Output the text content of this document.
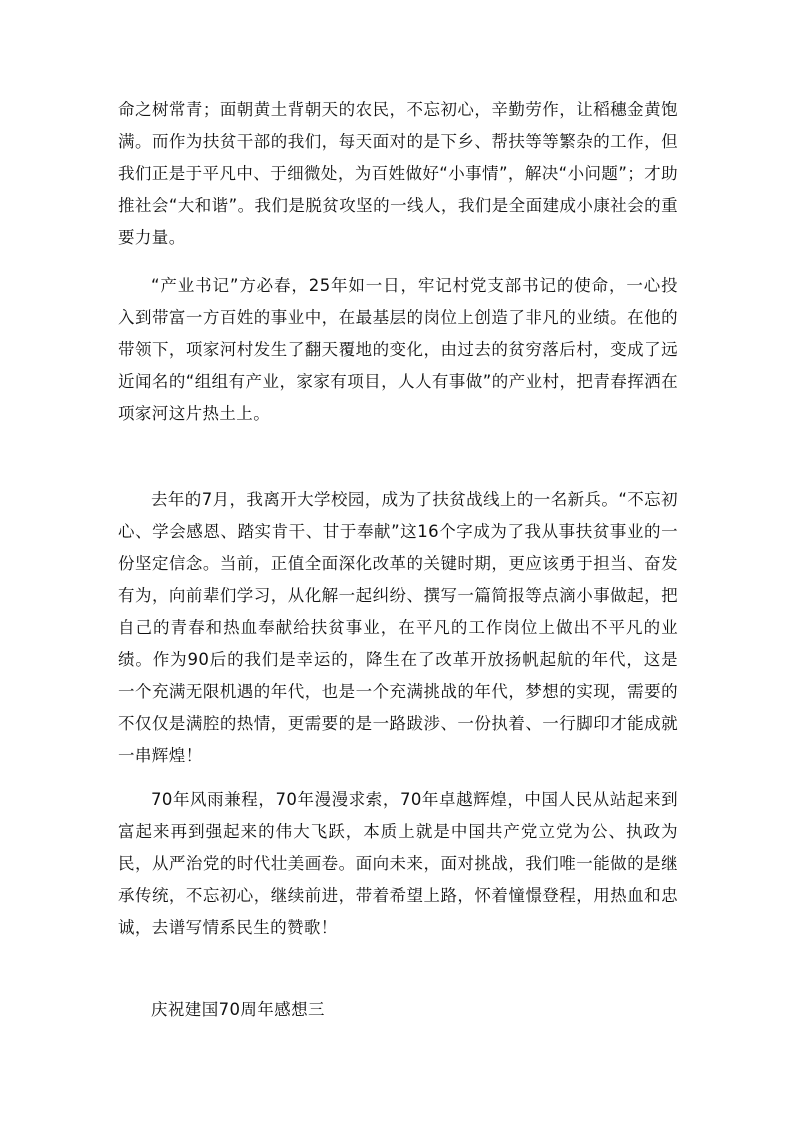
命之树常青；面朝黄土背朝天的农民，不忘初心，辛勤劳作，让稻穗金黄饱满。而作为扶贫干部的我们，每天面对的是下乡、帮扶等等繁杂的工作，但我们正是于平凡中、于细微处，为百姓做好“小事情”，解决“小问题”；才助推社会“大和谐”。我们是脱贫攻坚的一线人，我们是全面建成小康社会的重要力量。

“产业书记”方必春，25年如一日，牢记村党支部书记的使命，一心投入到带富一方百姓的事业中，在最基层的岗位上创造了非凡的业绩。在他的带领下，项家河村发生了翻天覆地的变化，由过去的贫穷落后村，变成了远近闻名的“组组有产业，家家有项目，人人有事做”的产业村，把青春挥洒在项家河这片热土上。

去年的7月，我离开大学校园，成为了扶贫战线上的一名新兵。“不忘初心、学会感恩、踏实肯干、甘于奉献”这16个字成为了我从事扶贫事业的一份坚定信念。当前，正值全面深化改革的关键时期，更应该勇于担当、奋发有为，向前辈们学习，从化解一起纠纷、撰写一篇简报等点滴小事做起，把自己的青春和热血奉献给扶贫事业，在平凡的工作岗位上做出不平凡的业绩。作为90后的我们是幸运的，降生在了改革开放扬帆起航的年代，这是一个充满无限机遇的年代，也是一个充满挑战的年代，梦想的实现，需要的不仅仅是满腔的热情，更需要的是一路跋涉、一份执着、一行脚印才能成就一串辉煌！

70年风雨兼程，70年漫漫求索，70年卓越辉煌，中国人民从站起来到富起来再到强起来的伟大飞跃，本质上就是中国共产党立党为公、执政为民，从严治党的时代壮美画卷。面向未来，面对挑战，我们唯一能做的是继承传统，不忘初心，继续前进，带着希望上路，怀着憧憬登程，用热血和忠诚，去谱写情系民生的赞歌！

庆祝建国70周年感想三
